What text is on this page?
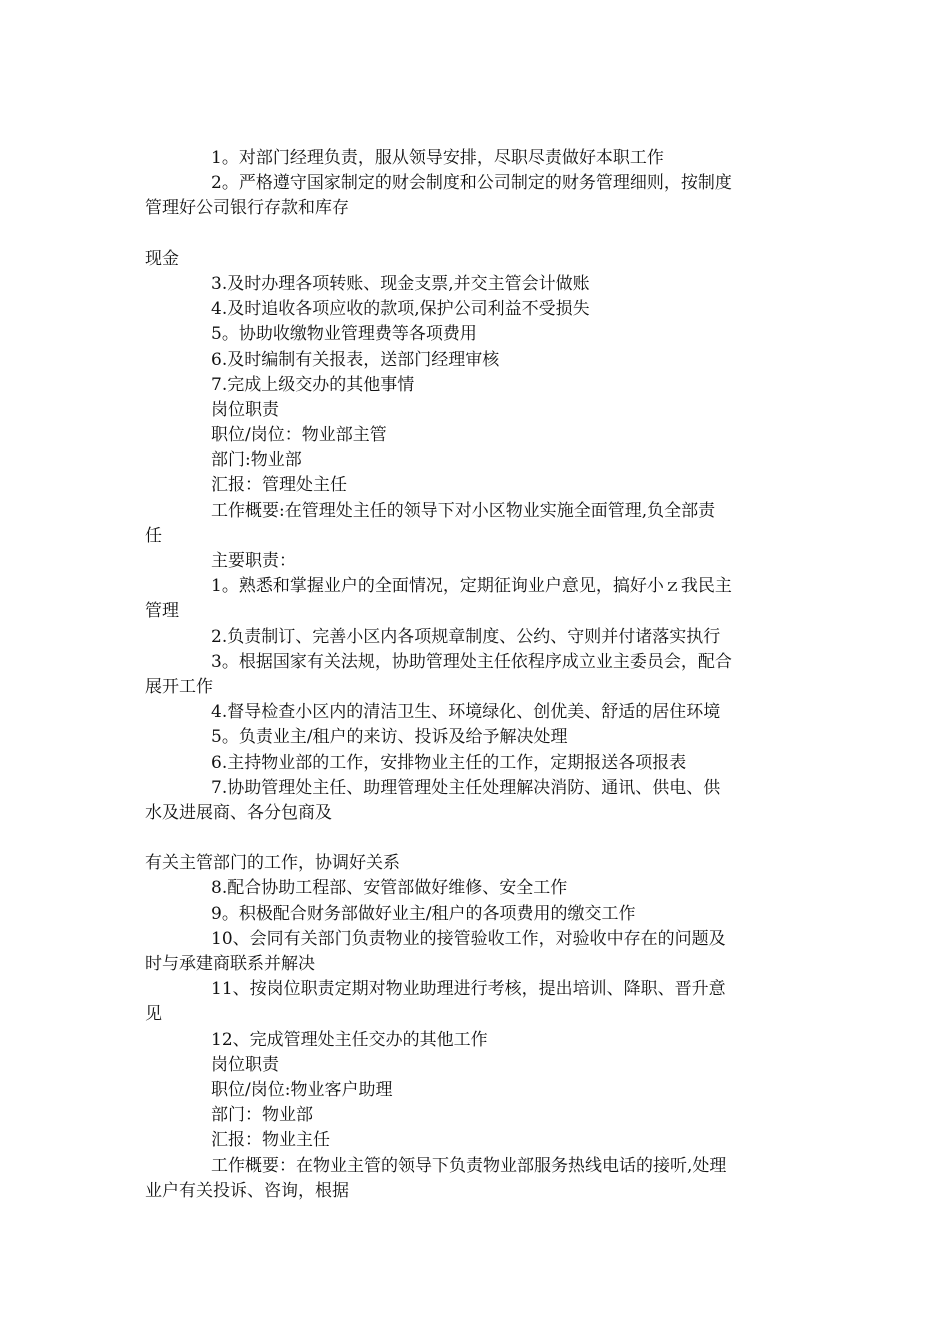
1。对部门经理负责，服从领导安排，尽职尽责做好本职工作
2。严格遵守国家制定的财会制度和公司制定的财务管理细则，按制度
管理好公司银行存款和库存
现金
3.及时办理各项转账、现金支票,并交主管会计做账
4.及时追收各项应收的款项,保护公司利益不受损失
5。协助收缴物业管理费等各项费用
6.及时编制有关报表，送部门经理审核
7.完成上级交办的其他事情
岗位职责
职位/岗位：物业部主管
部门:物业部
汇报：管理处主任
工作概要:在管理处主任的领导下对小区物业实施全面管理,负全部责
任
主要职责：
1。熟悉和掌握业户的全面情况，定期征询业户意见，搞好小ｚ我民主
管理
2.负责制订、完善小区内各项规章制度、公约、守则并付诸落实执行
3。根据国家有关法规，协助管理处主任依程序成立业主委员会，配合
展开工作
4.督导检查小区内的清洁卫生、环境绿化、创优美、舒适的居住环境
5。负责业主/租户的来访、投诉及给予解决处理
6.主持物业部的工作，安排物业主任的工作，定期报送各项报表
7.协助管理处主任、助理管理处主任处理解决消防、通讯、供电、供
水及进展商、各分包商及
有关主管部门的工作，协调好关系
8.配合协助工程部、安管部做好维修、安全工作
9。积极配合财务部做好业主/租户的各项费用的缴交工作
10、会同有关部门负责物业的接管验收工作，对验收中存在的问题及
时与承建商联系并解决
11、按岗位职责定期对物业助理进行考核，提出培训、降职、晋升意
见
12、完成管理处主任交办的其他工作
岗位职责
职位/岗位:物业客户助理
部门：物业部
汇报：物业主任
工作概要：在物业主管的领导下负责物业部服务热线电话的接听,处理
业户有关投诉、咨询，根据
